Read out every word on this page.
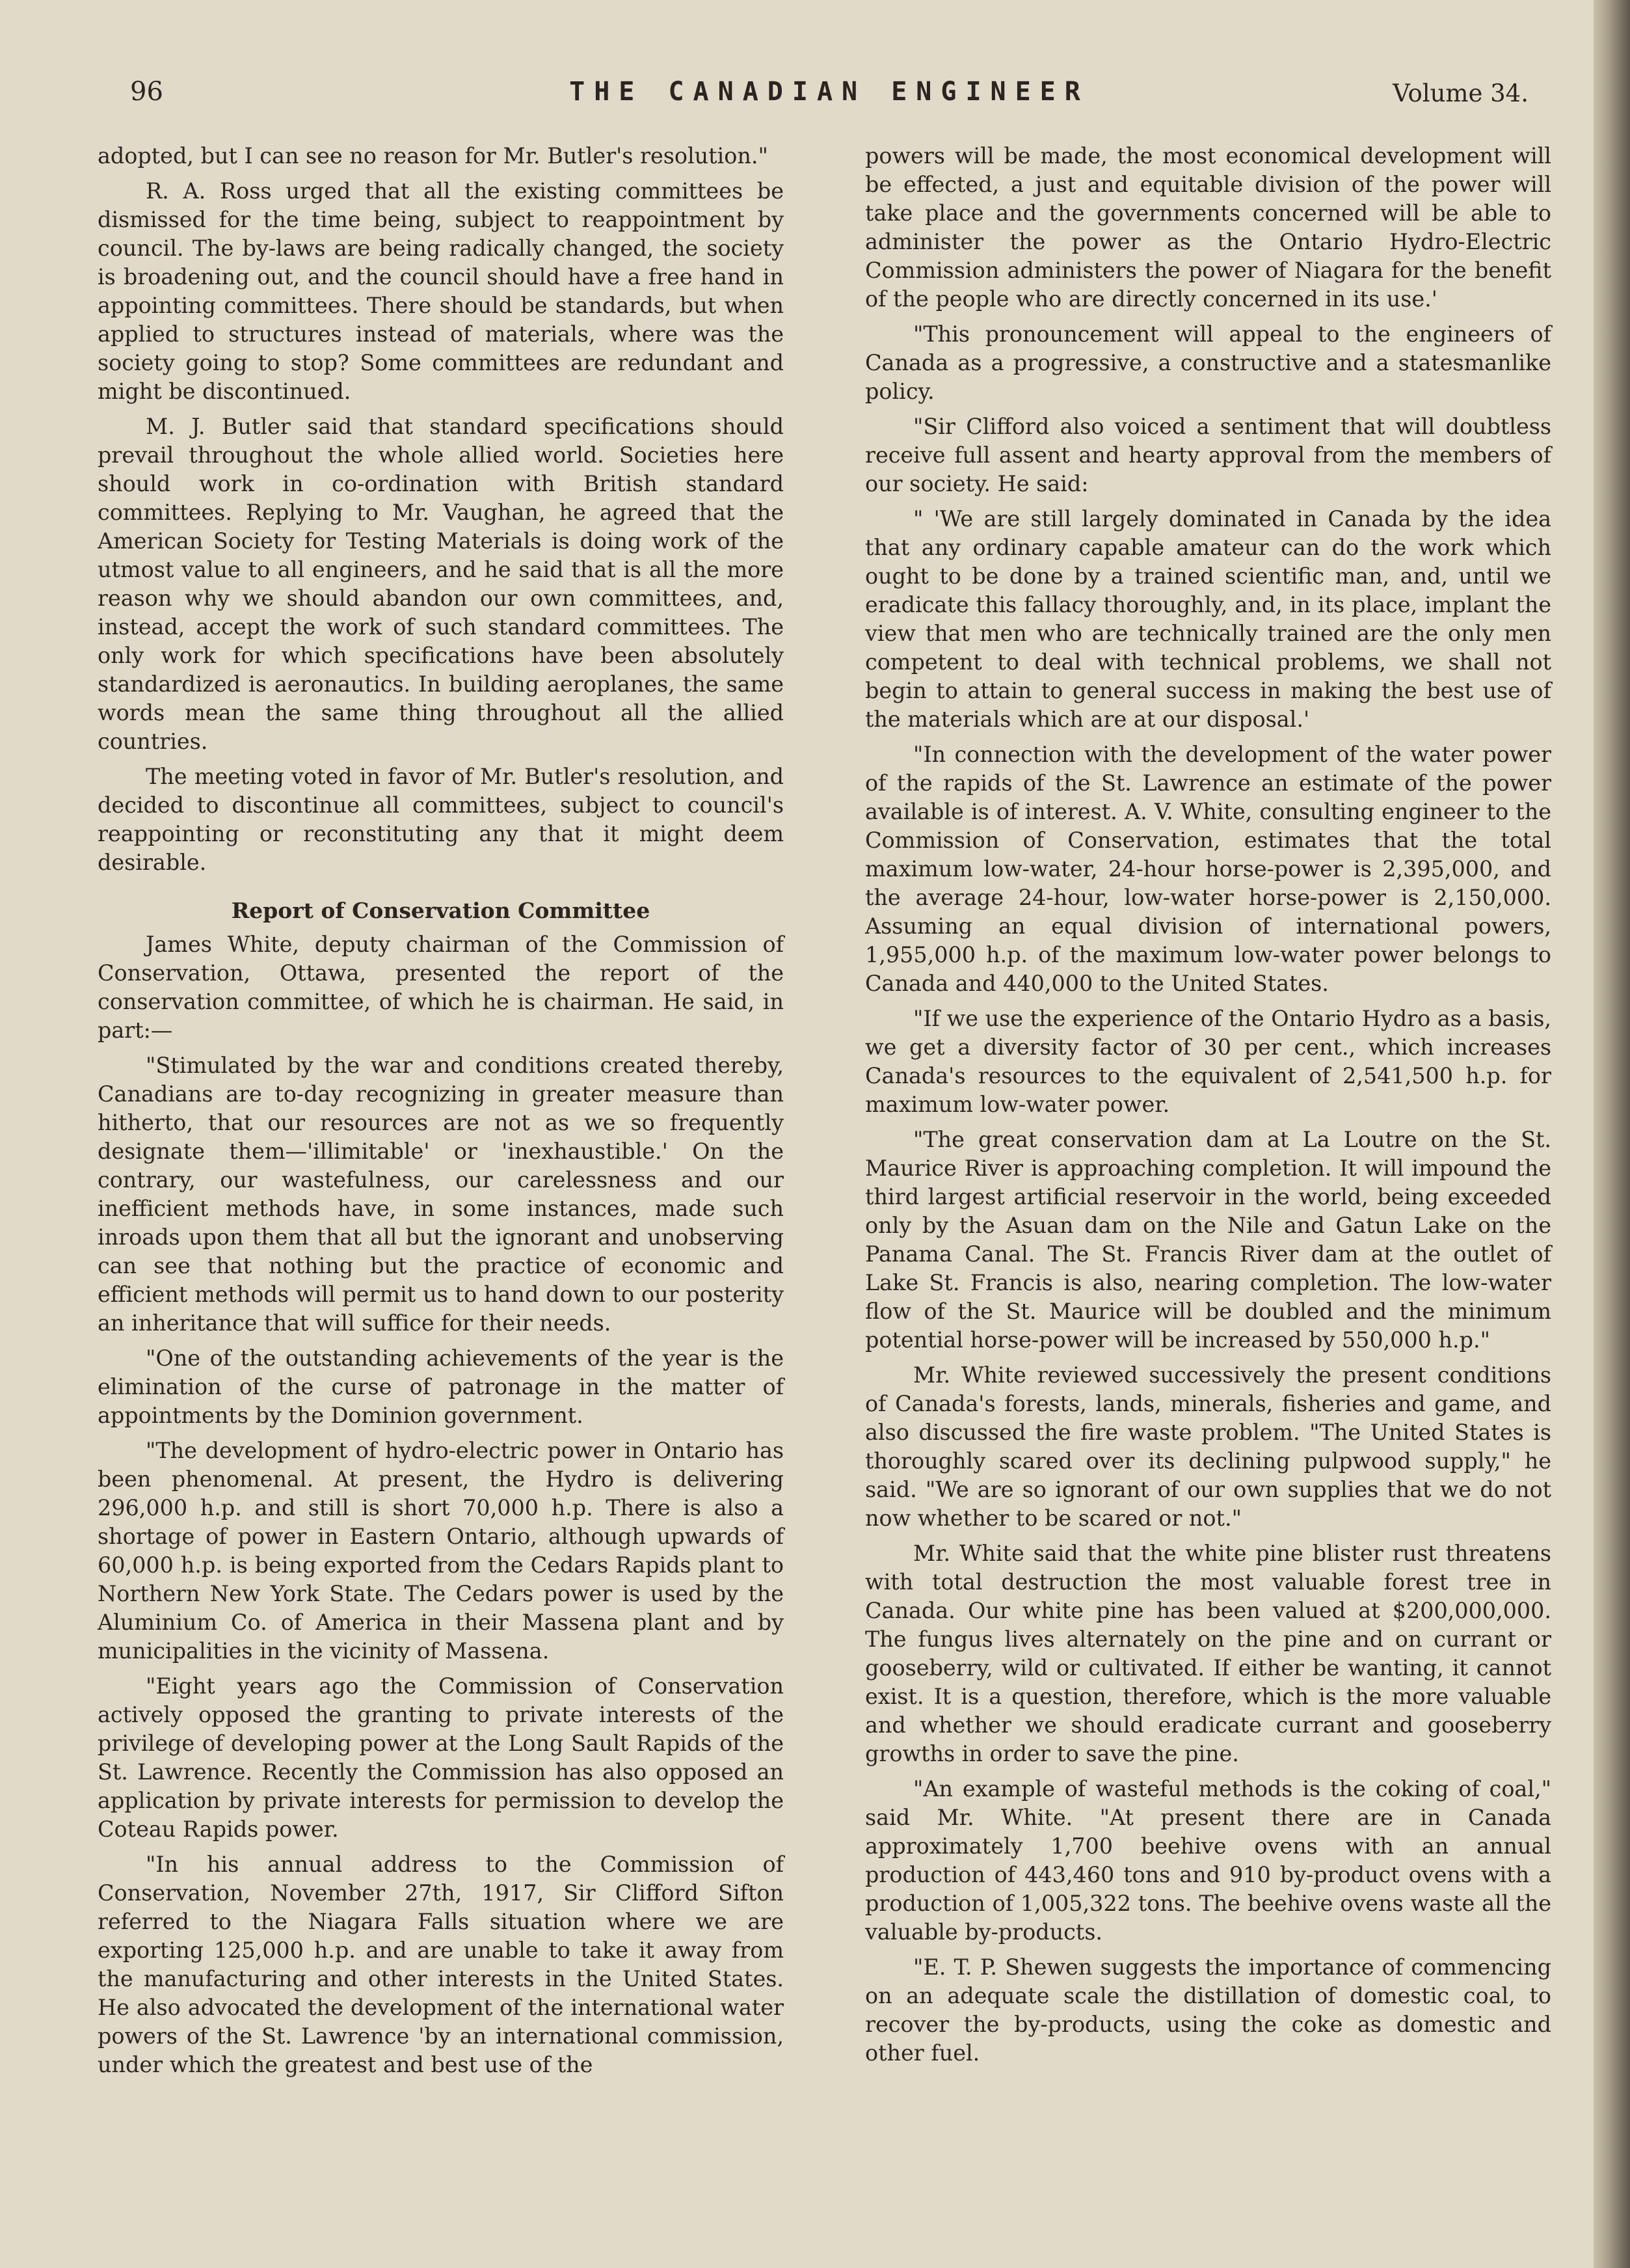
96	THE CANADIAN ENGINEER	Volume 34.

adopted, but I can see no reason for Mr. Butler's resolution."

R. A. Ross urged that all the existing committees be dismissed for the time being, subject to reappointment by council. The by-laws are being radically changed, the society is broadening out, and the council should have a free hand in appointing committees. There should be standards, but when applied to structures instead of materials, where was the society going to stop? Some committees are redundant and might be discontinued.

M. J. Butler said that standard specifications should prevail throughout the whole allied world. Societies here should work in co-ordination with British standard committees. Replying to Mr. Vaughan, he agreed that the American Society for Testing Materials is doing work of the utmost value to all engineers, and he said that is all the more reason why we should abandon our own committees, and, instead, accept the work of such standard committees. The only work for which specifications have been absolutely standardized is aeronautics. In building aeroplanes, the same words mean the same thing throughout all the allied countries.

The meeting voted in favor of Mr. Butler's resolution, and decided to discontinue all committees, subject to council's reappointing or reconstituting any that it might deem desirable.

Report of Conservation Committee

James White, deputy chairman of the Commission of Conservation, Ottawa, presented the report of the conservation committee, of which he is chairman. He said, in part:—

"Stimulated by the war and conditions created thereby, Canadians are to-day recognizing in greater measure than hitherto, that our resources are not as we so frequently designate them—'illimitable' or 'inexhaustible.' On the contrary, our wastefulness, our carelessness and our inefficient methods have, in some instances, made such inroads upon them that all but the ignorant and unobserving can see that nothing but the practice of economic and efficient methods will permit us to hand down to our posterity an inheritance that will suffice for their needs.

"One of the outstanding achievements of the year is the elimination of the curse of patronage in the matter of appointments by the Dominion government.

"The development of hydro-electric power in Ontario has been phenomenal. At present, the Hydro is delivering 296,000 h.p. and still is short 70,000 h.p. There is also a shortage of power in Eastern Ontario, although upwards of 60,000 h.p. is being exported from the Cedars Rapids plant to Northern New York State. The Cedars power is used by the Aluminium Co. of America in their Massena plant and by municipalities in the vicinity of Massena.

"Eight years ago the Commission of Conservation actively opposed the granting to private interests of the privilege of developing power at the Long Sault Rapids of the St. Lawrence. Recently the Commission has also opposed an application by private interests for permission to develop the Coteau Rapids power.

"In his annual address to the Commission of Conservation, November 27th, 1917, Sir Clifford Sifton referred to the Niagara Falls situation where we are exporting 125,000 h.p. and are unable to take it away from the manufacturing and other interests in the United States. He also advocated the development of the international water powers of the St. Lawrence 'by an international commission, under which the greatest and best use of the

powers will be made, the most economical development will be effected, a just and equitable division of the power will take place and the governments concerned will be able to administer the power as the Ontario Hydro-Electric Commission administers the power of Niagara for the benefit of the people who are directly concerned in its use.'

"This pronouncement will appeal to the engineers of Canada as a progressive, a constructive and a statesmanlike policy.

"Sir Clifford also voiced a sentiment that will doubtless receive full assent and hearty approval from the members of our society. He said:

" 'We are still largely dominated in Canada by the idea that any ordinary capable amateur can do the work which ought to be done by a trained scientific man, and, until we eradicate this fallacy thoroughly, and, in its place, implant the view that men who are technically trained are the only men competent to deal with technical problems, we shall not begin to attain to general success in making the best use of the materials which are at our disposal.'

"In connection with the development of the water power of the rapids of the St. Lawrence an estimate of the power available is of interest. A. V. White, consulting engineer to the Commission of Conservation, estimates that the total maximum low-water, 24-hour horse-power is 2,395,000, and the average 24-hour, low-water horse-power is 2,150,000. Assuming an equal division of international powers, 1,955,000 h.p. of the maximum low-water power belongs to Canada and 440,000 to the United States.

"If we use the experience of the Ontario Hydro as a basis, we get a diversity factor of 30 per cent., which increases Canada's resources to the equivalent of 2,541,500 h.p. for maximum low-water power.

"The great conservation dam at La Loutre on the St. Maurice River is approaching completion. It will impound the third largest artificial reservoir in the world, being exceeded only by the Asuan dam on the Nile and Gatun Lake on the Panama Canal. The St. Francis River dam at the outlet of Lake St. Francis is also, nearing completion. The low-water flow of the St. Maurice will be doubled and the minimum potential horse-power will be increased by 550,000 h.p."

Mr. White reviewed successively the present conditions of Canada's forests, lands, minerals, fisheries and game, and also discussed the fire waste problem. "The United States is thoroughly scared over its declining pulpwood supply," he said. "We are so ignorant of our own supplies that we do not now whether to be scared or not."

Mr. White said that the white pine blister rust threatens with total destruction the most valuable forest tree in Canada. Our white pine has been valued at $200,000,000. The fungus lives alternately on the pine and on currant or gooseberry, wild or cultivated. If either be wanting, it cannot exist. It is a question, therefore, which is the more valuable and whether we should eradicate currant and gooseberry growths in order to save the pine.

"An example of wasteful methods is the coking of coal," said Mr. White. "At present there are in Canada approximately 1,700 beehive ovens with an annual production of 443,460 tons and 910 by-product ovens with a production of 1,005,322 tons. The beehive ovens waste all the valuable by-products.

"E. T. P. Shewen suggests the importance of commencing on an adequate scale the distillation of domestic coal, to recover the by-products, using the coke as domestic and other fuel.
